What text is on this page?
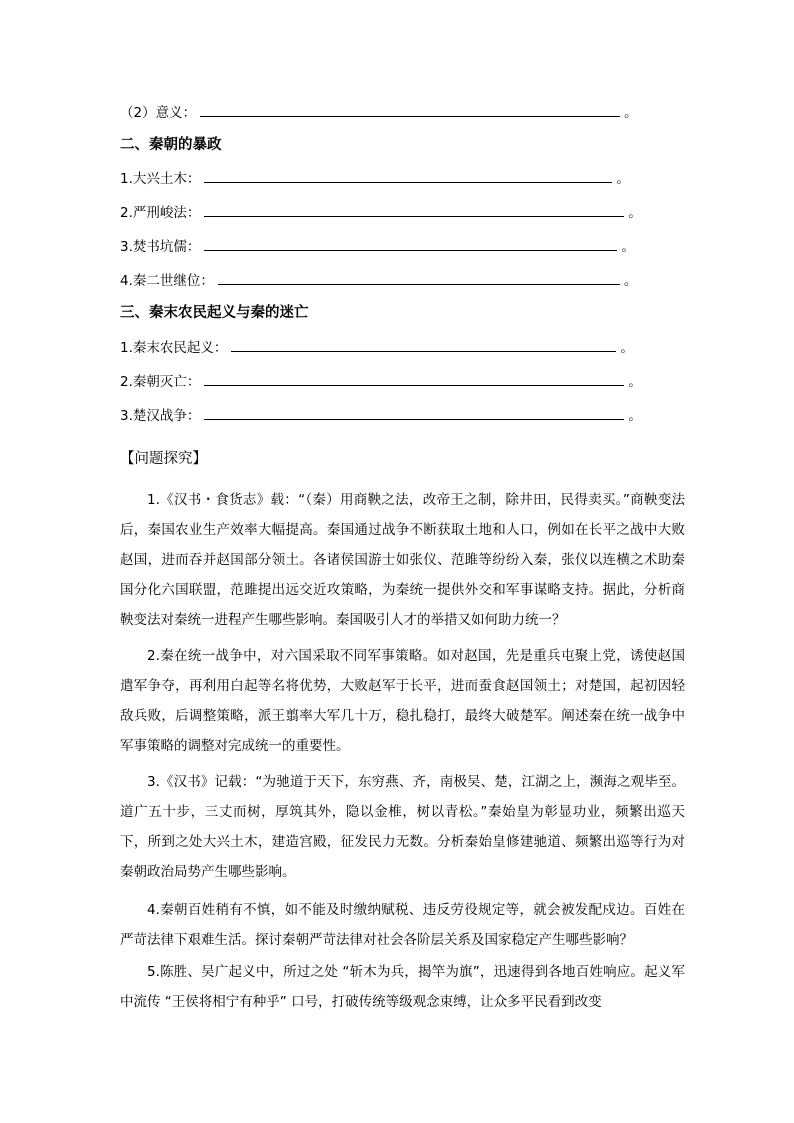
（2）意义：	。
二、秦朝的暴政
1.大兴土木：	。
2.严刑峻法：	。
3.焚书坑儒：	。
4.秦二世继位：	。
三、秦末农民起义与秦的迷亡
1.秦末农民起义：	。
2.秦朝灭亡：	。
3.楚汉战争：	。
【问题探究】

1.《汉书・食货志》载：“（秦）用商鞅之法，改帝王之制，除井田，民得卖买。”商鞅变法后，秦国农业生产效率大幅提高。秦国通过战争不断获取土地和人口，例如在长平之战中大败赵国，进而吞并赵国部分领土。各诸侯国游士如张仪、范雎等纷纷入秦，张仪以连横之术助秦国分化六国联盟，范雎提出远交近攻策略，为秦统一提供外交和军事谋略支持。据此，分析商鞅变法对秦统一进程产生哪些影响。秦国吸引人才的举措又如何助力统一？

2.秦在统一战争中，对六国采取不同军事策略。如对赵国，先是重兵屯聚上党，诱使赵国遣军争夺，再利用白起等名将优势，大败赵军于长平，进而蚕食赵国领土；对楚国，起初因轻敌兵败，后调整策略，派王翦率大军几十万，稳扎稳打，最终大破楚军。阐述秦在统一战争中军事策略的调整对完成统一的重要性。

3.《汉书》记载：“为驰道于天下，东穷燕、齐，南极吴、楚，江湖之上，濒海之观毕至。道广五十步，三丈而树，厚筑其外，隐以金椎，树以青松。”秦始皇为彰显功业，频繁出巡天下，所到之处大兴土木，建造宫殿，征发民力无数。分析秦始皇修建驰道、频繁出巡等行为对秦朝政治局势产生哪些影响。

4.秦朝百姓稍有不慎，如不能及时缴纳赋税、违反劳役规定等，就会被发配戍边。百姓在严苛法律下艰难生活。探讨秦朝严苛法律对社会各阶层关系及国家稳定产生哪些影响？

5.陈胜、吴广起义中，所过之处 “斩木为兵，揭竿为旗”，迅速得到各地百姓响应。起义军中流传 “王侯将相宁有种乎” 口号，打破传统等级观念束缚，让众多平民看到改变
